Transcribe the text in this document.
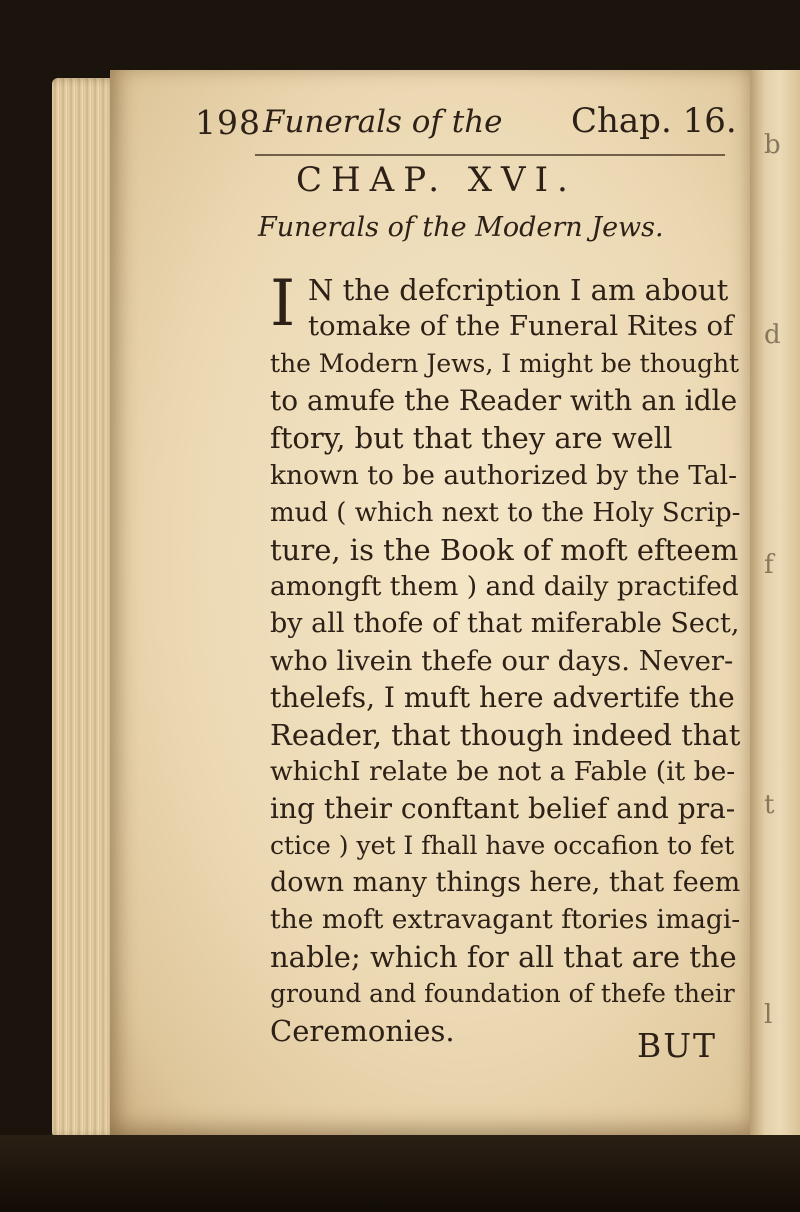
b
d
f
t
l
198 Funerals of the Chap. 16.
CHAP. XVI.
Funerals of the Modern Jews.
I N the defcription I am about
tomake of the Funeral Rites of
the Modern Jews, I might be thought
to amufe the Reader with an idle
ftory, but that they are well
known to be authorized by the Tal-
mud ( which next to the Holy Scrip-
ture, is the Book of moft efteem
amongft them ) and daily practifed
by all thofe of that miferable Sect,
who livein thefe our days. Never-
thelefs, I muft here advertife the
Reader, that though indeed that
whichI relate be not a Fable (it be-
ing their conftant belief and pra-
ctice ) yet I fhall have occafion to fet
down many things here, that feem
the moft extravagant ftories imagi-
nable; which for all that are the
ground and foundation of thefe their
Ceremonies.	BUT
